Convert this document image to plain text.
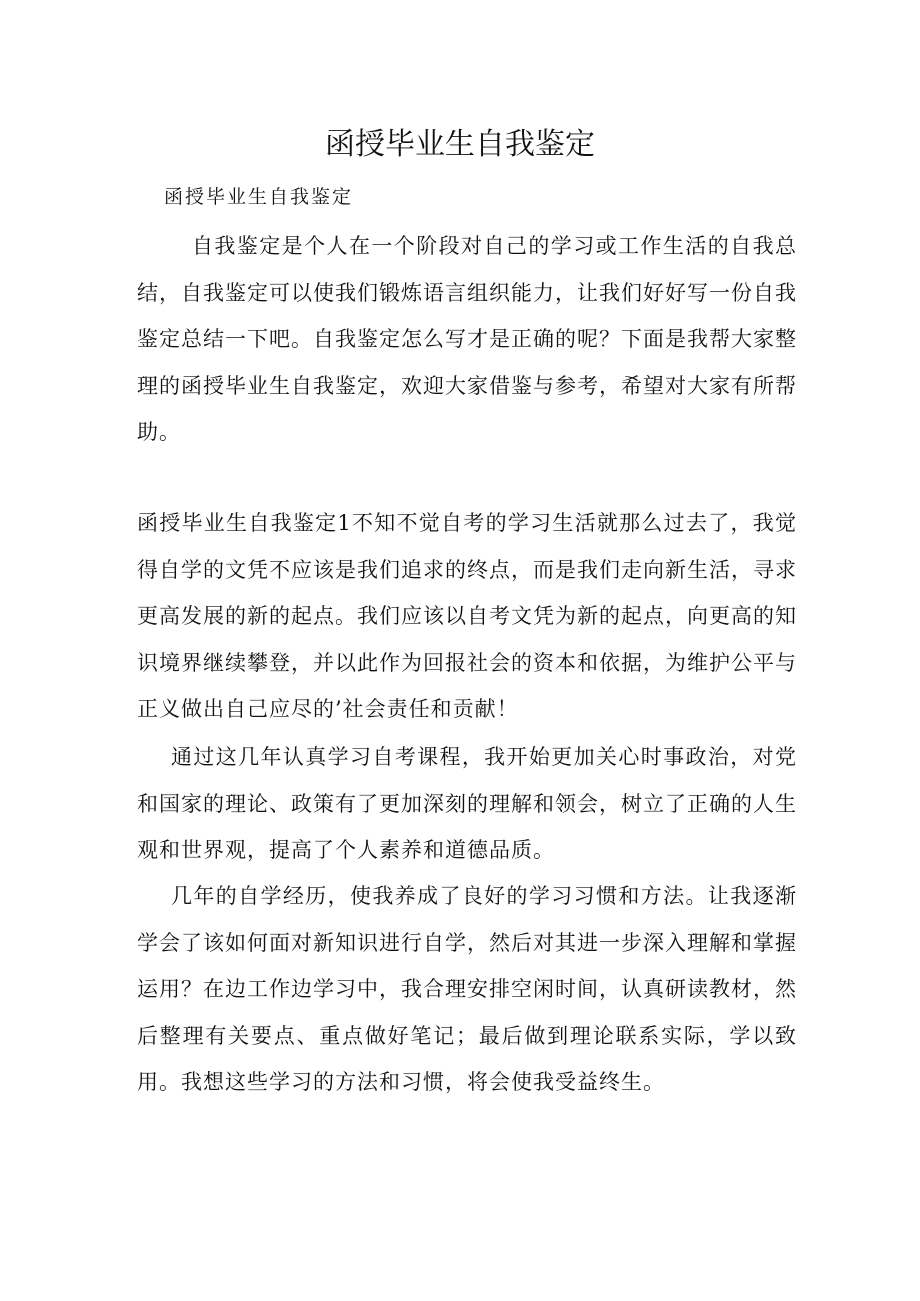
函授毕业生自我鉴定

函授毕业生自我鉴定

自我鉴定是个人在一个阶段对自己的学习或工作生活的自我总结，自我鉴定可以使我们锻炼语言组织能力，让我们好好写一份自我鉴定总结一下吧。自我鉴定怎么写才是正确的呢？下面是我帮大家整理的函授毕业生自我鉴定，欢迎大家借鉴与参考，希望对大家有所帮助。

函授毕业生自我鉴定1不知不觉自考的学习生活就那么过去了，我觉得自学的文凭不应该是我们追求的终点，而是我们走向新生活，寻求更高发展的新的起点。我们应该以自考文凭为新的起点，向更高的知识境界继续攀登，并以此作为回报社会的资本和依据，为维护公平与正义做出自己应尽的’社会责任和贡献！

通过这几年认真学习自考课程，我开始更加关心时事政治，对党和国家的理论、政策有了更加深刻的理解和领会，树立了正确的人生观和世界观，提高了个人素养和道德品质。

几年的自学经历，使我养成了良好的学习习惯和方法。让我逐渐学会了该如何面对新知识进行自学，然后对其进一步深入理解和掌握运用？在边工作边学习中，我合理安排空闲时间，认真研读教材，然后整理有关要点、重点做好笔记；最后做到理论联系实际，学以致用。我想这些学习的方法和习惯，将会使我受益终生。
